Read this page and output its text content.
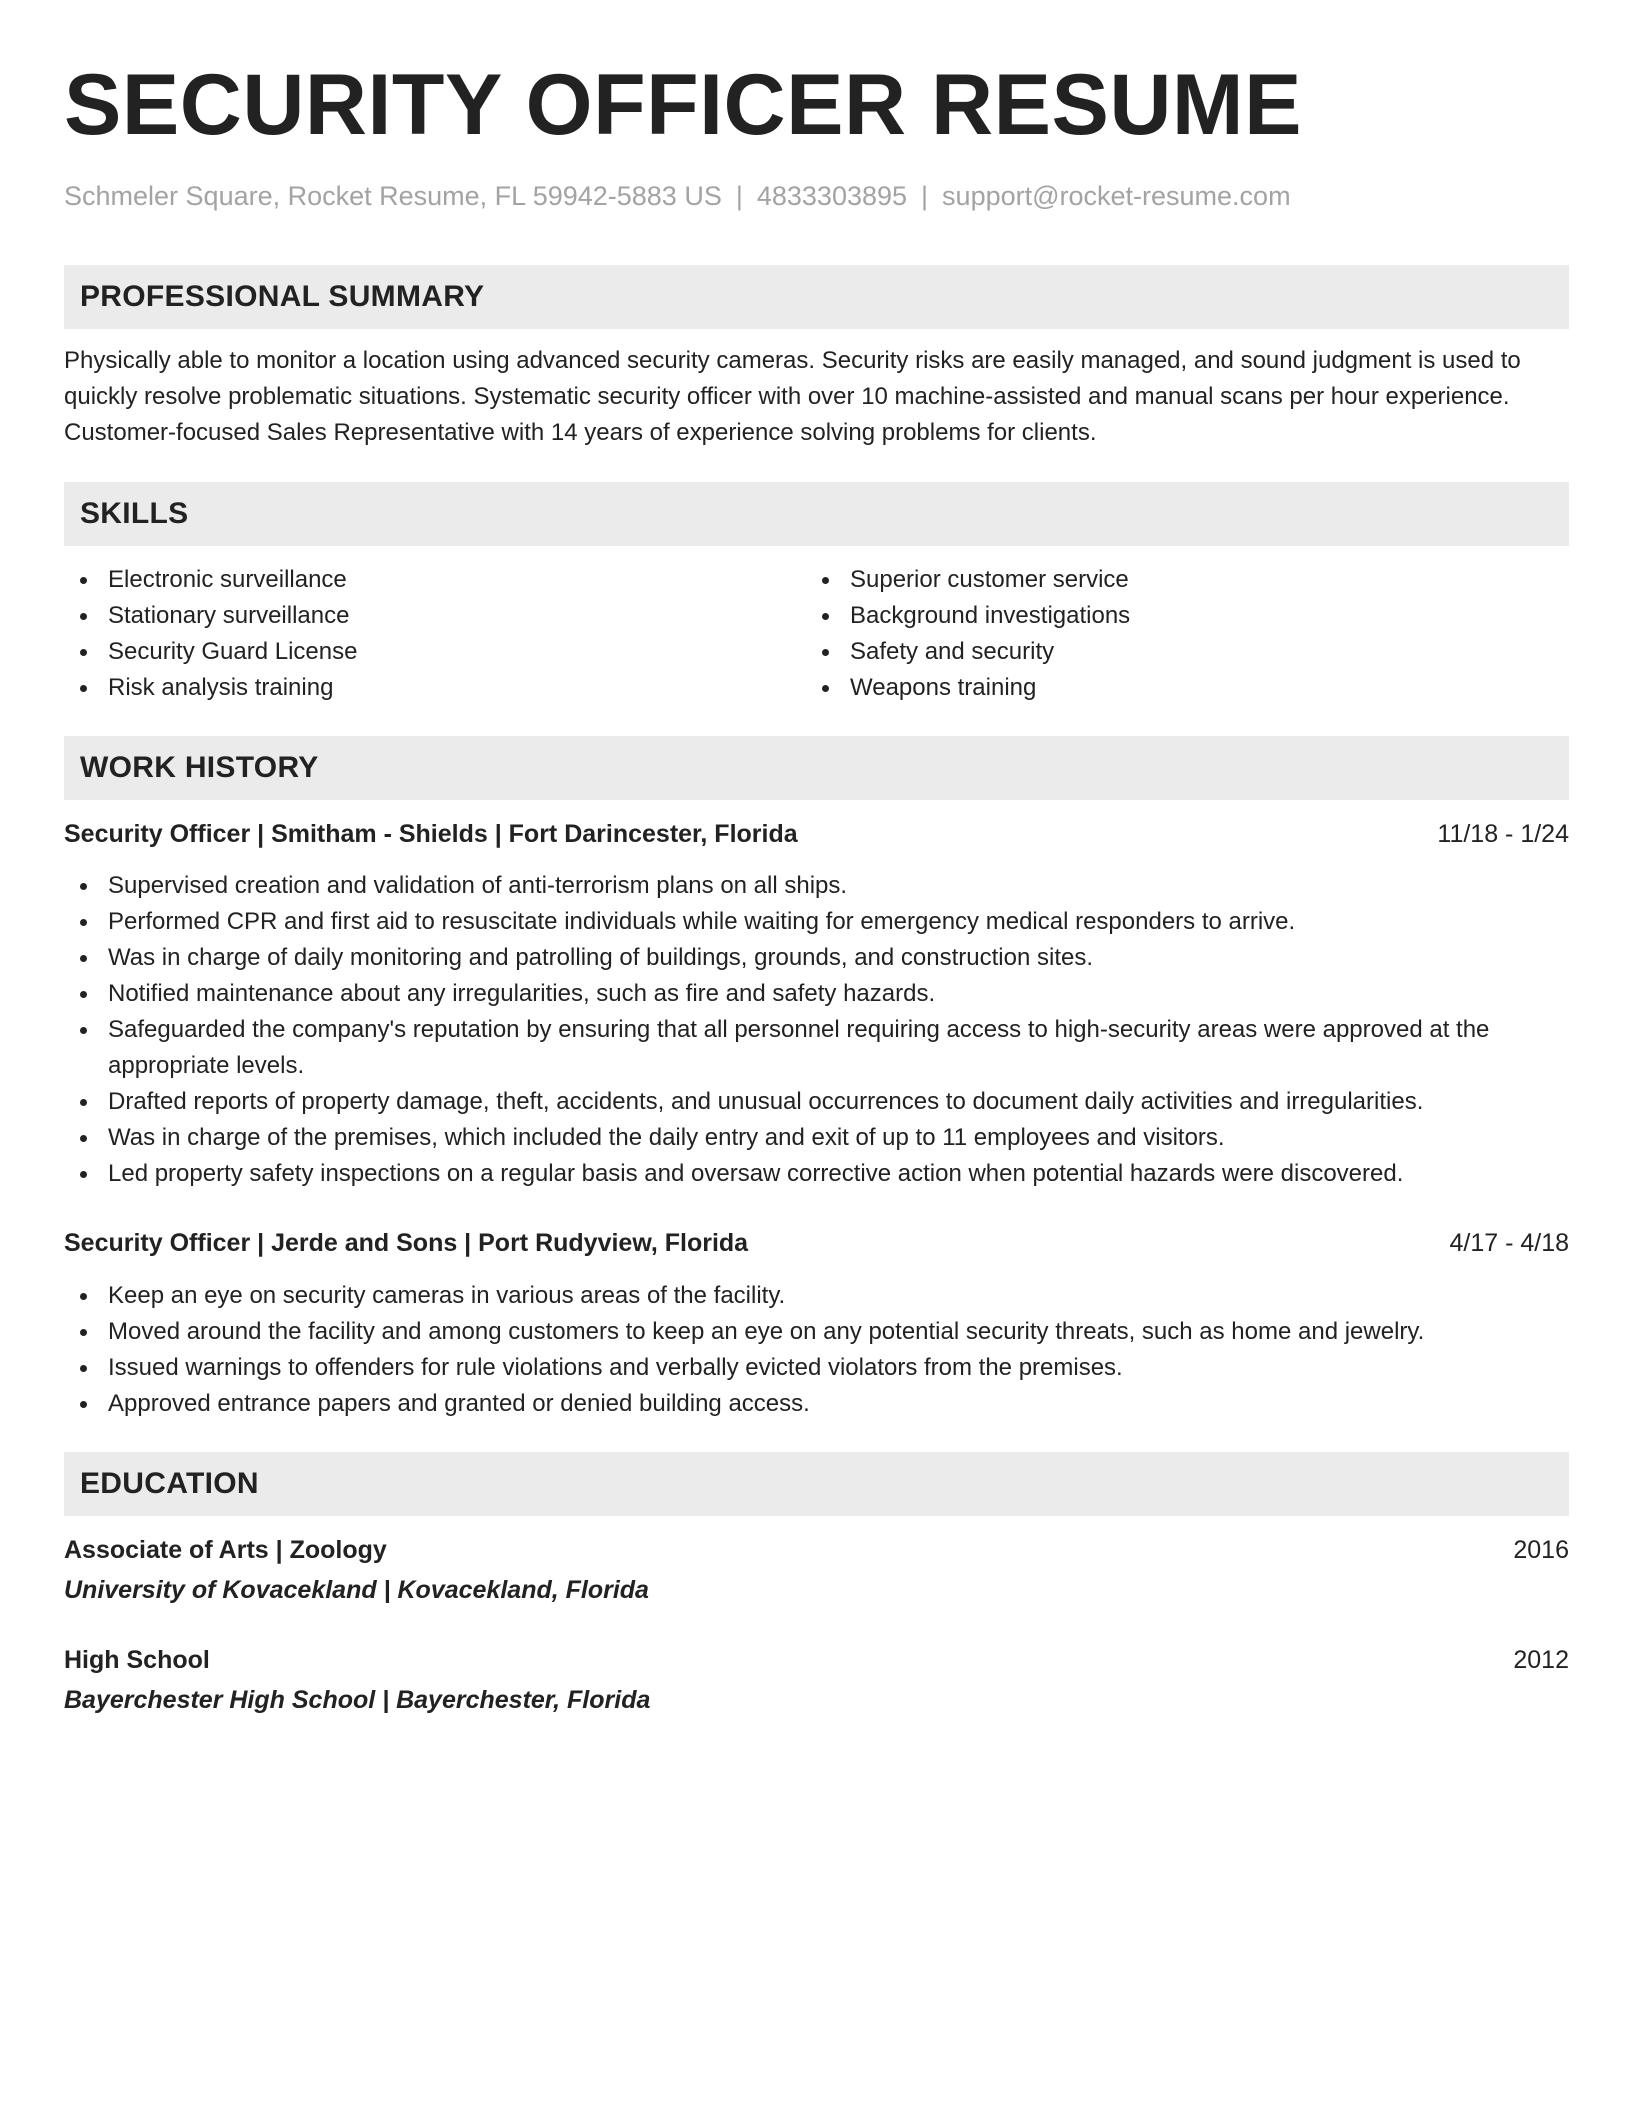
SECURITY OFFICER RESUME
Schmeler Square, Rocket Resume, FL 59942-5883 US | 4833303895 | support@rocket-resume.com
PROFESSIONAL SUMMARY

Physically able to monitor a location using advanced security cameras. Security risks are easily managed, and sound judgment is used to quickly resolve problematic situations. Systematic security officer with over 10 machine-assisted and manual scans per hour experience. Customer-focused Sales Representative with 14 years of experience solving problems for clients.

SKILLS
Electronic surveillance
Stationary surveillance
Security Guard License
Risk analysis training
Superior customer service
Background investigations
Safety and security
Weapons training
WORK HISTORY
Security Officer | Smitham - Shields | Fort Darincester, Florida	11/18 - 1/24
Supervised creation and validation of anti-terrorism plans on all ships.
Performed CPR and first aid to resuscitate individuals while waiting for emergency medical responders to arrive.
Was in charge of daily monitoring and patrolling of buildings, grounds, and construction sites.
Notified maintenance about any irregularities, such as fire and safety hazards.
Safeguarded the company's reputation by ensuring that all personnel requiring access to high-security areas were approved at the appropriate levels.
Drafted reports of property damage, theft, accidents, and unusual occurrences to document daily activities and irregularities.
Was in charge of the premises, which included the daily entry and exit of up to 11 employees and visitors.
Led property safety inspections on a regular basis and oversaw corrective action when potential hazards were discovered.
Security Officer | Jerde and Sons | Port Rudyview, Florida	4/17 - 4/18
Keep an eye on security cameras in various areas of the facility.
Moved around the facility and among customers to keep an eye on any potential security threats, such as home and jewelry.
Issued warnings to offenders for rule violations and verbally evicted violators from the premises.
Approved entrance papers and granted or denied building access.
EDUCATION
Associate of Arts | Zoology	2016
University of Kovacekland | Kovacekland, Florida
High School	2012
Bayerchester High School | Bayerchester, Florida
